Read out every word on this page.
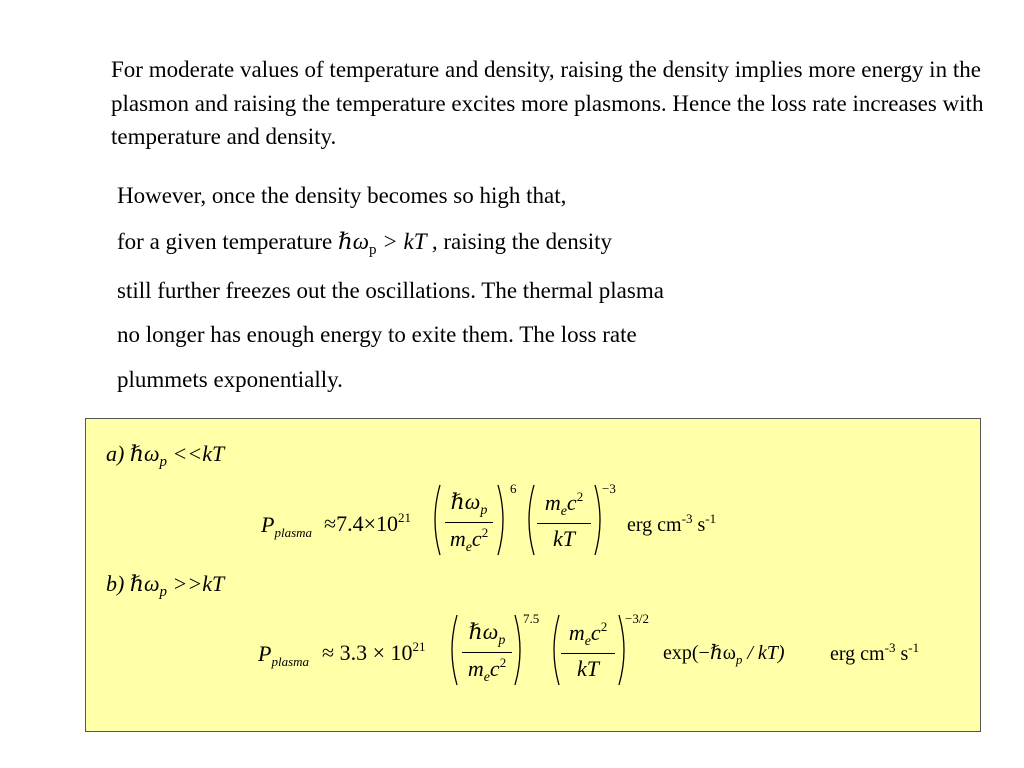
For moderate values of temperature and density, raising the density implies more energy in the plasmon and raising the temperature excites more plasmons. Hence the loss rate increases with temperature and density.

However, once the density becomes so high that,

for a given temperature ℏω$_p$ > kT , raising the density

still further freezes out the oscillations. The thermal plasma

no longer has enough energy to exite them. The loss rate

plummets exponentially.

a) ℏω$_p$ <<kT
$P_{plasma} \approx 7.4\times 10^{21}$
ℏω$_p$
$m_ec^2$
6
$m_ec^2$
kT
−3
erg $cm^{-3}$ $s^{-1}$
b) ℏω$_p$ >>kT
$P_{plasma} \approx 3.3 \times 10^{21}$
ℏω$_p$
$m_ec^2$
7.5
$m_ec^2$
kT
−3/2
exp(−ℏω$_p$ / kT) erg $cm^{-3}$ $s^{-1}$
